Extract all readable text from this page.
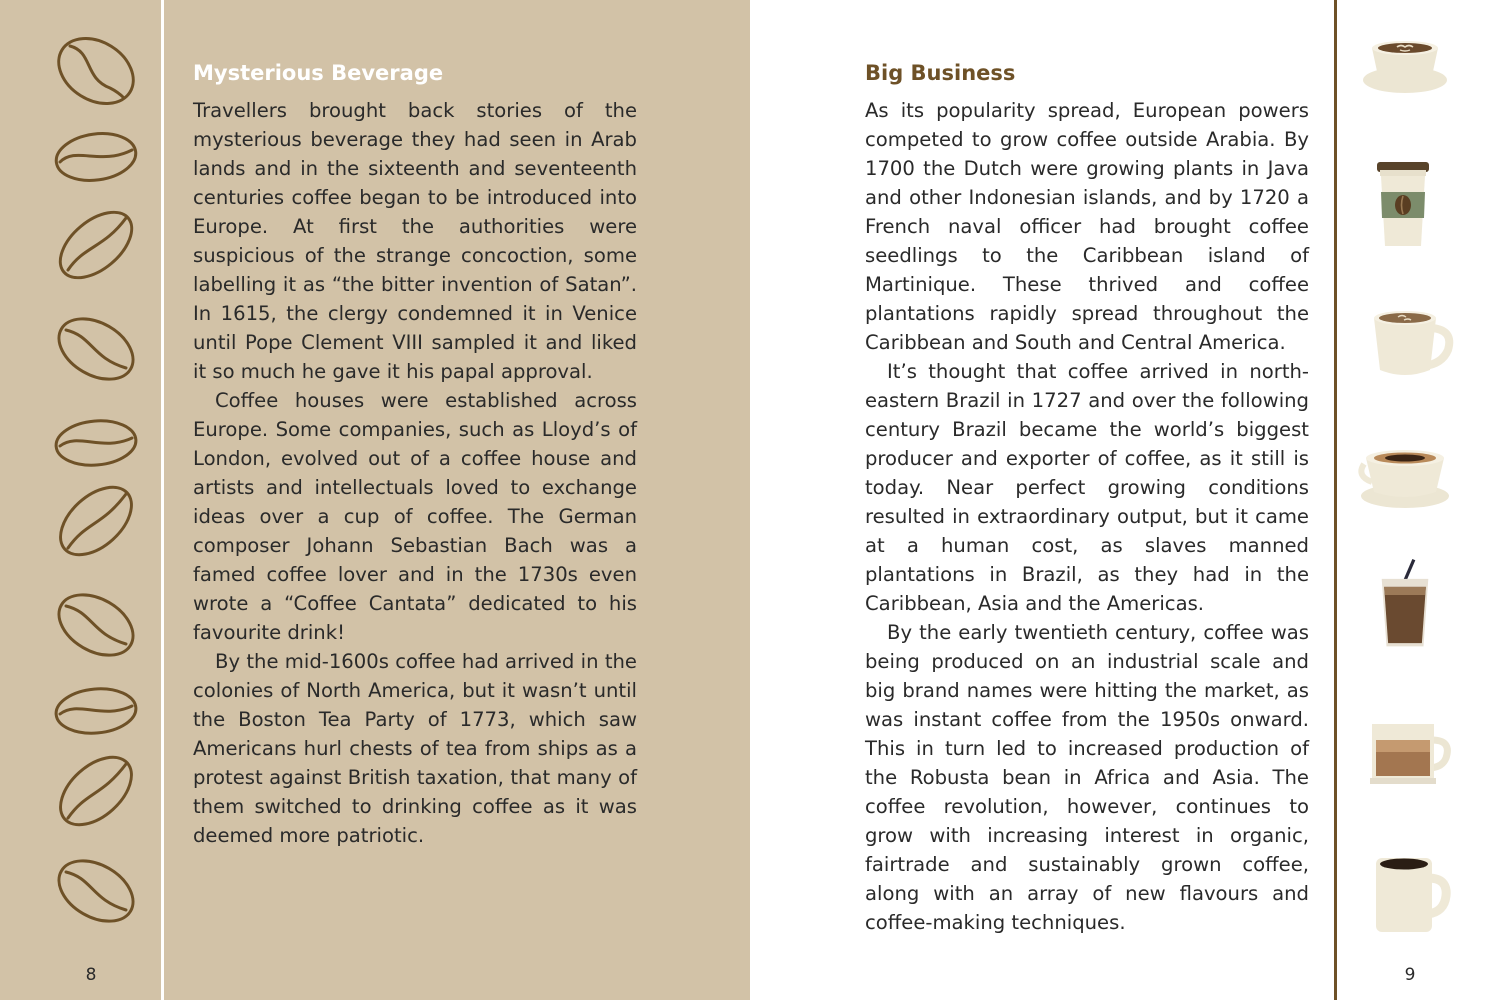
Mysterious Beverage

Travellers brought back stories of the mysterious beverage they had seen in Arab lands and in the sixteenth and seventeenth centuries coffee began to be introduced into Europe. At first the authorities were suspicious of the strange concoction, some labelling it as “the bitter invention of Satan”. In 1615, the clergy condemned it in Venice until Pope Clement VIII sampled it and liked it so much he gave it his papal approval.

Coffee houses were established across Europe. Some companies, such as Lloyd’s of London, evolved out of a coffee house and artists and intellectuals loved to exchange ideas over a cup of coffee. The German composer Johann Sebastian Bach was a famed coffee lover and in the 1730s even wrote a “Coffee Cantata” dedicated to his favourite drink!

By the mid-1600s coffee had arrived in the colonies of North America, but it wasn’t until the Boston Tea Party of 1773, which saw Americans hurl chests of tea from ships as a protest against British taxation, that many of them switched to drinking coffee as it was deemed more patriotic.

8
Big Business

As its popularity spread, European powers competed to grow coffee outside Arabia. By 1700 the Dutch were growing plants in Java and other Indonesian islands, and by 1720 a French naval officer had brought coffee seedlings to the Caribbean island of Martinique. These thrived and coffee plantations rapidly spread throughout the Caribbean and South and Central America.

It’s thought that coffee arrived in north-eastern Brazil in 1727 and over the following century Brazil became the world’s biggest producer and exporter of coffee, as it still is today. Near perfect growing conditions resulted in extraordinary output, but it came at a human cost, as slaves manned plantations in Brazil, as they had in the Caribbean, Asia and the Americas.

By the early twentieth century, coffee was being produced on an industrial scale and big brand names were hitting the market, as was instant coffee from the 1950s onward. This in turn led to increased production of the Robusta bean in Africa and Asia. The coffee revolution, however, continues to grow with increasing interest in organic, fairtrade and sustainably grown coffee, along with an array of new flavours and coffee-making techniques.

9
